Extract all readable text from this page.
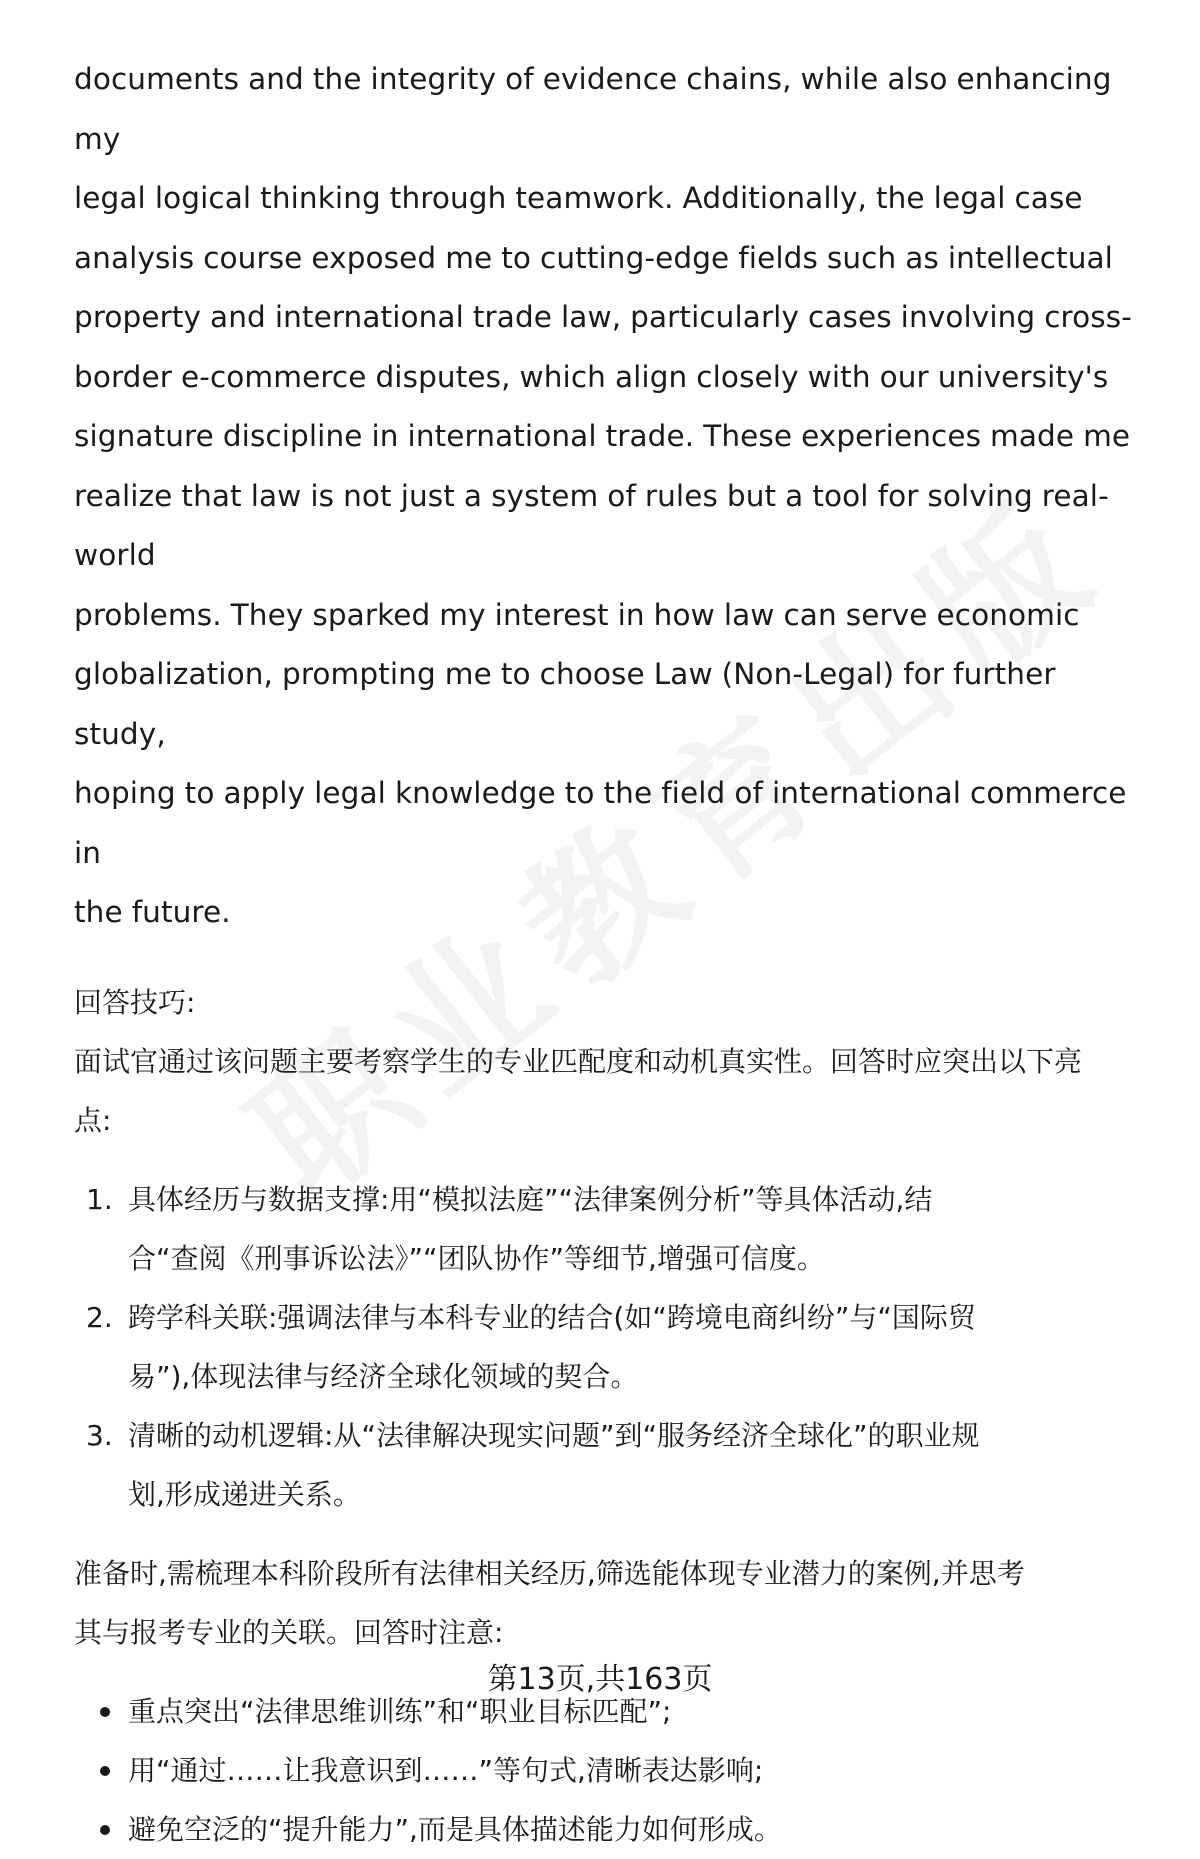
documents and the integrity of evidence chains, while also enhancing my

legal logical thinking through teamwork. Additionally, the legal case

analysis course exposed me to cutting-edge fields such as intellectual

property and international trade law, particularly cases involving cross-

border e-commerce disputes, which align closely with our university's

signature discipline in international trade. These experiences made me

realize that law is not just a system of rules but a tool for solving real-world

problems. They sparked my interest in how law can serve economic

globalization, prompting me to choose Law (Non-Legal) for further study,

hoping to apply legal knowledge to the field of international commerce in

the future.

回答技巧:

面试官通过该问题主要考察学生的专业匹配度和动机真实性。回答时应突出以下亮

点:

1. 具体经历与数据支撑:用“模拟法庭”“法律案例分析”等具体活动,结
合“查阅《刑事诉讼法》”“团队协作”等细节,增强可信度。
2. 跨学科关联:强调法律与本科专业的结合(如“跨境电商纠纷”与“国际贸
易”),体现法律与经济全球化领域的契合。
3. 清晰的动机逻辑:从“法律解决现实问题”到“服务经济全球化”的职业规
划,形成递进关系。

准备时,需梳理本科阶段所有法律相关经历,筛选能体现专业潜力的案例,并思考

其与报考专业的关联。回答时注意:

重点突出“法律思维训练”和“职业目标匹配”;
用“通过……让我意识到……”等句式,清晰表达影响;
避免空泛的“提升能力”,而是具体描述能力如何形成。
第13页,共163页
